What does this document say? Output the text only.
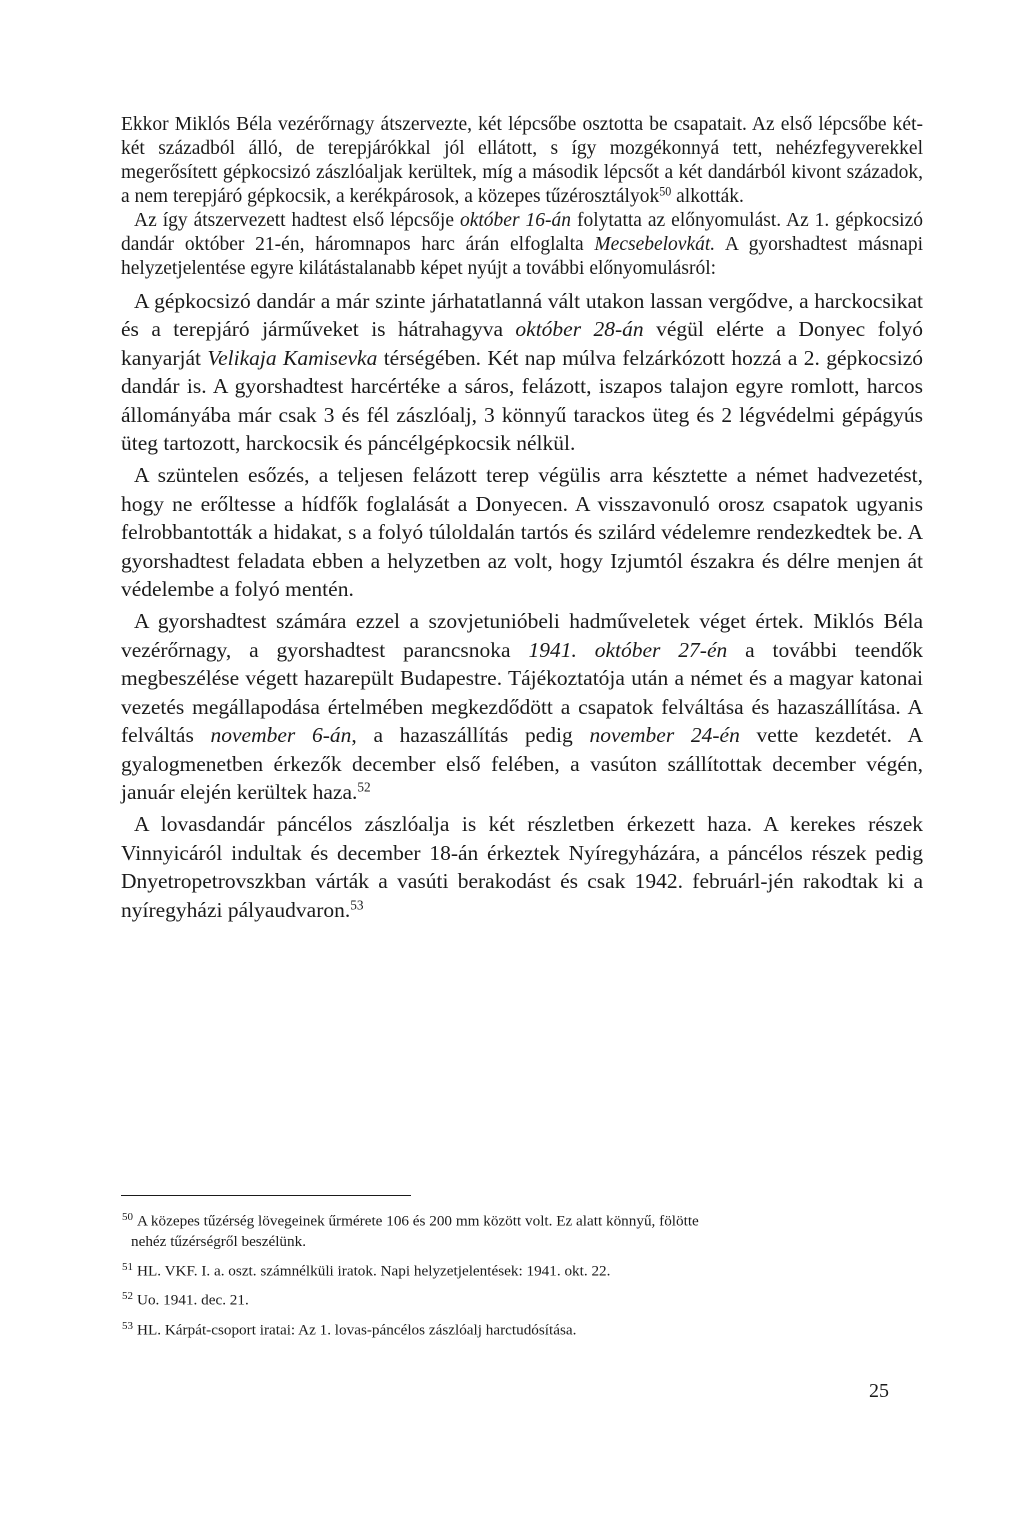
Ekkor Miklós Béla vezérőrnagy átszervezte, két lépcsőbe osztotta be csapatait. Az első lépcsőbe két-két századból álló, de terepjárókkal jól ellátott, s így mozgékonnyá tett, nehézfegyverekkel megerősített gépkocsizó zászlóaljak kerültek, míg a második lépcsőt a két dandárból kivont századok, a nem terepjáró gépkocsik, a kerékpárosok, a közepes tűzérosztályok$^{50}$ alkották.

Az így átszervezett hadtest első lépcsője október 16-án folytatta az előnyomulást. Az 1. gépkocsizó dandár október 21-én, háromnapos harc árán elfoglalta Mecsebelovkát. A gyorshadtest másnapi helyzetjelentése egyre kilátástalanabb képet nyújt a további előnyomulásról:

A gépkocsizó dandár a már szinte járhatatlanná vált utakon lassan vergődve, a harckocsikat és a terepjáró járműveket is hátrahagyva október 28-án végül elérte a Donyec folyó kanyarját Velikaja Kamisevka térségében. Két nap múlva felzárkózott hozzá a 2. gépkocsizó dandár is. A gyorshadtest harcértéke a sáros, felázott, iszapos talajon egyre romlott, harcos állományába már csak 3 és fél zászlóalj, 3 könnyű tarackos üteg és 2 légvédelmi gépágyús üteg tartozott, harckocsik és páncélgépkocsik nélkül.

A szüntelen esőzés, a teljesen felázott terep végülis arra késztette a német hadvezetést, hogy ne erőltesse a hídfők foglalását a Donyecen. A visszavonuló orosz csapatok ugyanis felrobbantották a hidakat, s a folyó túloldalán tartós és szilárd védelemre rendezkedtek be. A gyorshadtest feladata ebben a helyzetben az volt, hogy Izjumtól északra és délre menjen át védelembe a folyó mentén.

A gyorshadtest számára ezzel a szovjetunióbeli hadműveletek véget értek. Miklós Béla vezérőrnagy, a gyorshadtest parancsnoka 1941. október 27-én a további teendők megbeszélése végett hazarepült Budapestre. Tájékoztatója után a német és a magyar katonai vezetés megállapodása értelmében megkezdődött a csapatok felváltása és hazaszállítása. A felváltás november 6-án, a hazaszállítás pedig november 24-én vette kezdetét. A gyalogmenetben érkezők december első felében, a vasúton szállítottak december végén, január elején kerültek haza.$^{52}$

A lovasdandár páncélos zászlóalja is két részletben érkezett haza. A kerekes részek Vinnyicáról indultak és december 18-án érkeztek Nyíregyházára, a páncélos részek pedig Dnyetropetrovszkban várták a vasúti berakodást és csak 1942. februárl-jén rakodtak ki a nyíregyházi pályaudvaron.$^{53}$

$^{50}$ A közepes tűzérség lövegeinek űrmérete 106 és 200 mm között volt. Ez alatt könnyű, fölötte
nehéz tűzérségről beszélünk.
$^{51}$ HL. VKF. I. a. oszt. számnélküli iratok. Napi helyzetjelentések: 1941. okt. 22.
$^{52}$ Uo. 1941. dec. 21.
$^{53}$ HL. Kárpát-csoport iratai: Az 1. lovas-páncélos zászlóalj harctudósítása.
25
